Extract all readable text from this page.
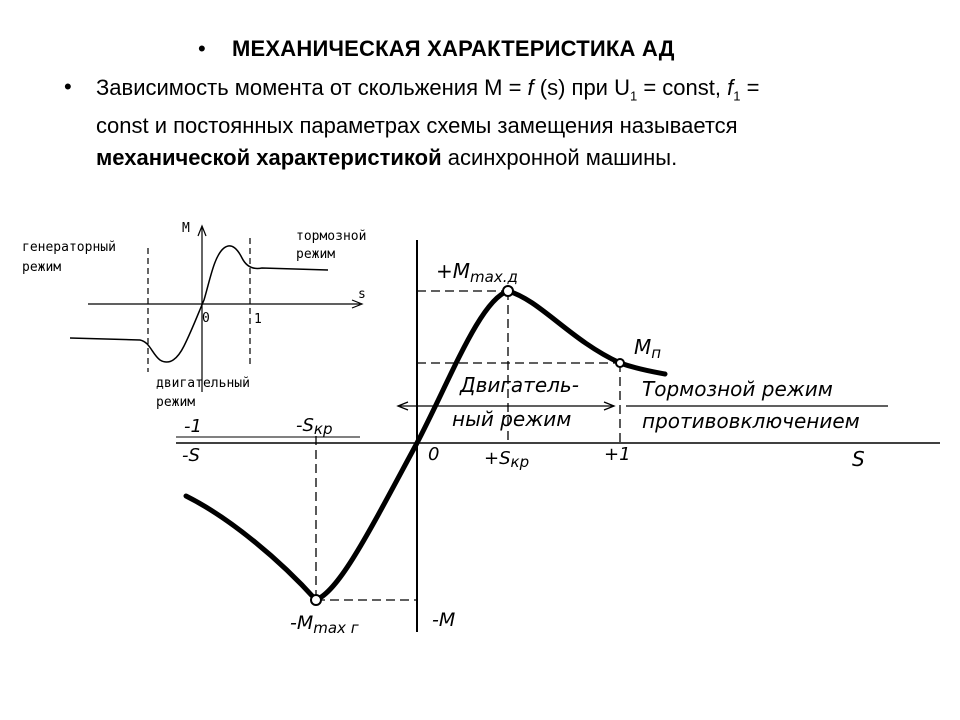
• МЕХАНИЧЕСКАЯ ХАРАКТЕРИСТИКА АД
• Зависимость момента от скольжения М = f (s) при $U_1$ = const, $f_1$ =
const и постоянных параметрах схемы замещения называется
механической характеристикой асинхронной машины.
M
s
0	1
генераторный
режим
тормозной
режим
двигательный
режим
$+M_{max.д}$
$M_п$
Двигатель-
ный режим
Тормозной режим
противовключением
-1
-S
-Sкр
0 +Sкр	+1	S
$-M_{max г}$	-M
